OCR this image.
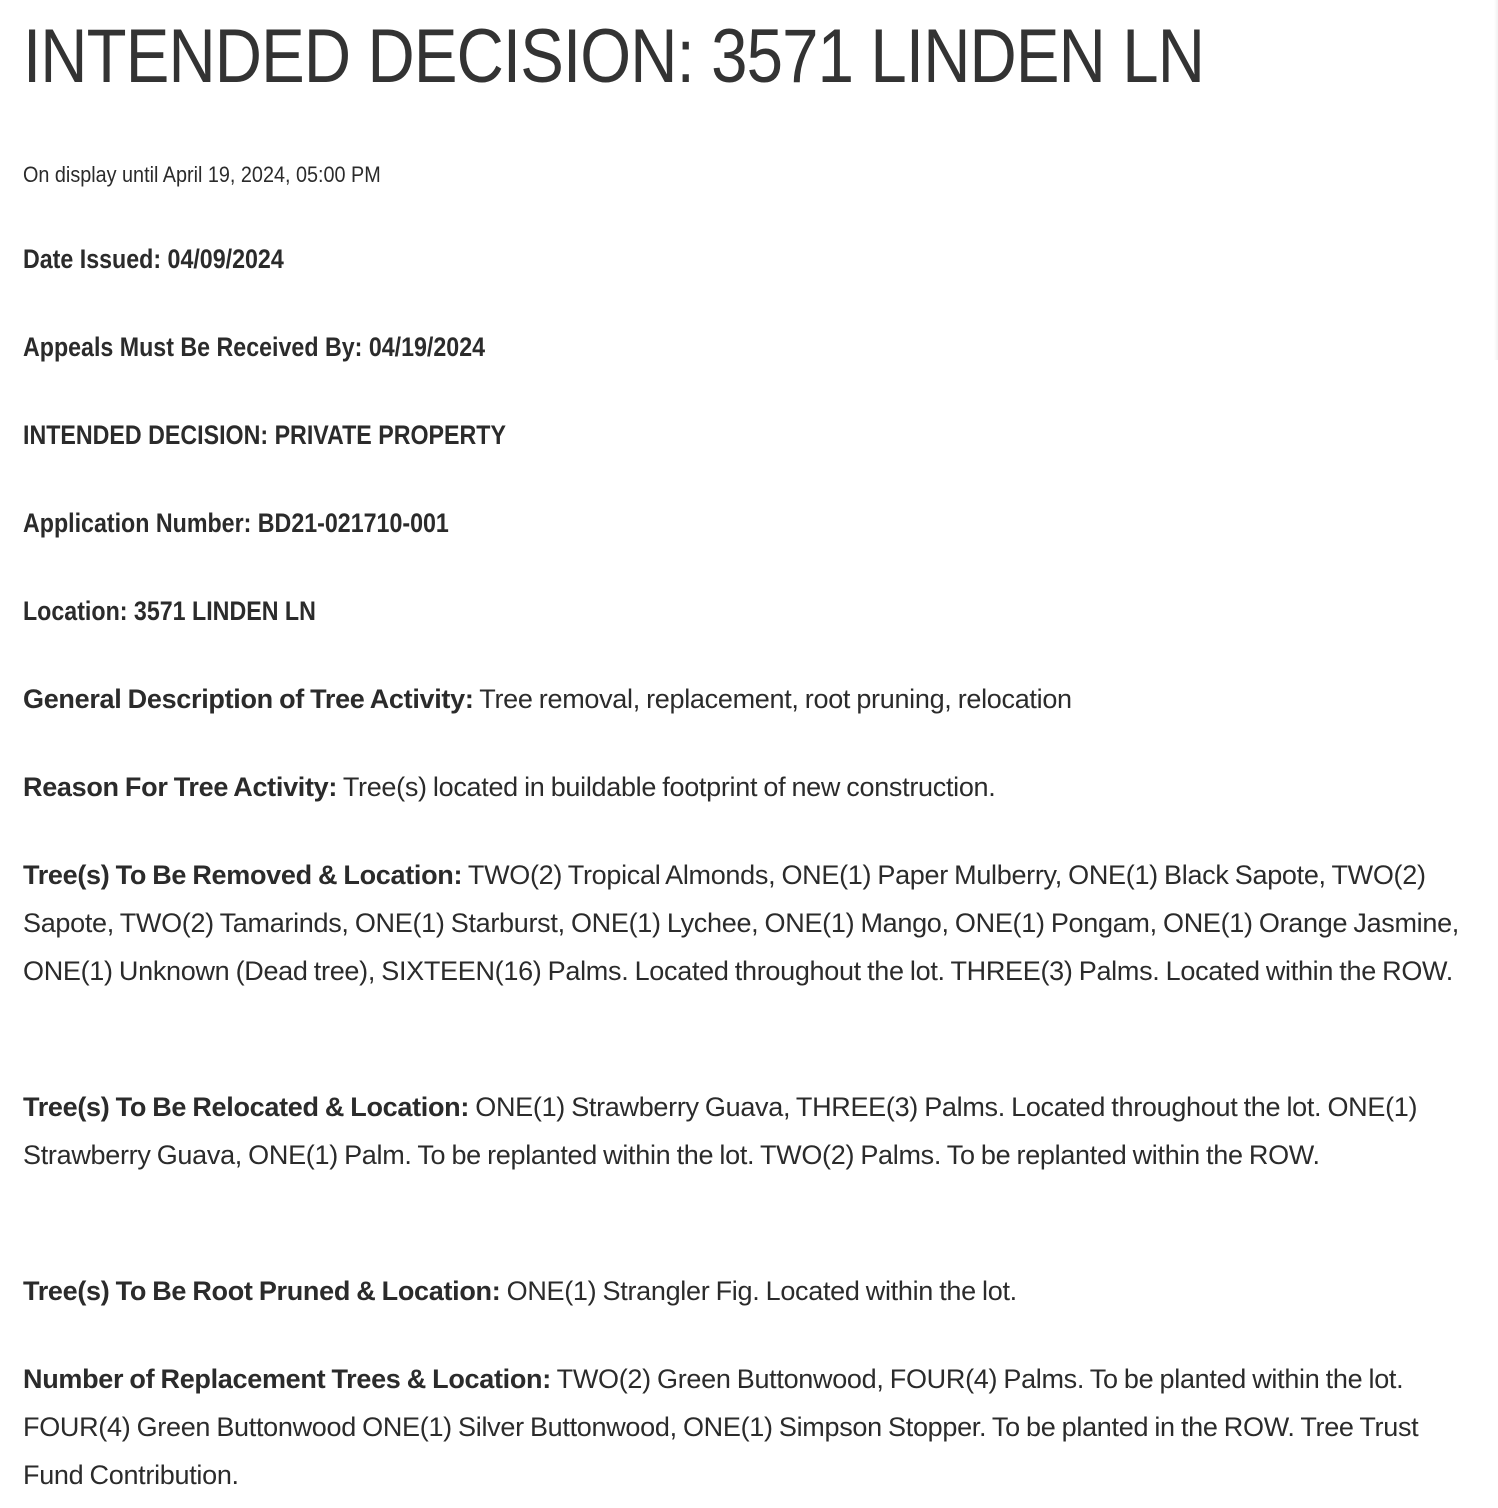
INTENDED DECISION: 3571 LINDEN LN
On display until April 19, 2024, 05:00 PM
Date Issued: 04/09/2024
Appeals Must Be Received By: 04/19/2024
INTENDED DECISION: PRIVATE PROPERTY
Application Number: BD21-021710-001
Location: 3571 LINDEN LN
General Description of Tree Activity: Tree removal, replacement, root pruning, relocation
Reason For Tree Activity: Tree(s) located in buildable footprint of new construction.
Tree(s) To Be Removed & Location: TWO(2) Tropical Almonds, ONE(1) Paper Mulberry, ONE(1) Black Sapote, TWO(2) Sapote, TWO(2) Tamarinds, ONE(1) Starburst, ONE(1) Lychee, ONE(1) Mango, ONE(1) Pongam, ONE(1) Orange Jasmine, ONE(1) Unknown (Dead tree), SIXTEEN(16) Palms. Located throughout the lot. THREE(3) Palms. Located within the ROW.
Tree(s) To Be Relocated & Location: ONE(1) Strawberry Guava, THREE(3) Palms. Located throughout the lot. ONE(1) Strawberry Guava, ONE(1) Palm. To be replanted within the lot. TWO(2) Palms. To be replanted within the ROW.
Tree(s) To Be Root Pruned & Location: ONE(1) Strangler Fig. Located within the lot.
Number of Replacement Trees & Location: TWO(2) Green Buttonwood, FOUR(4) Palms. To be planted within the lot. FOUR(4) Green Buttonwood ONE(1) Silver Buttonwood, ONE(1) Simpson Stopper. To be planted in the ROW. Tree Trust Fund Contribution.
